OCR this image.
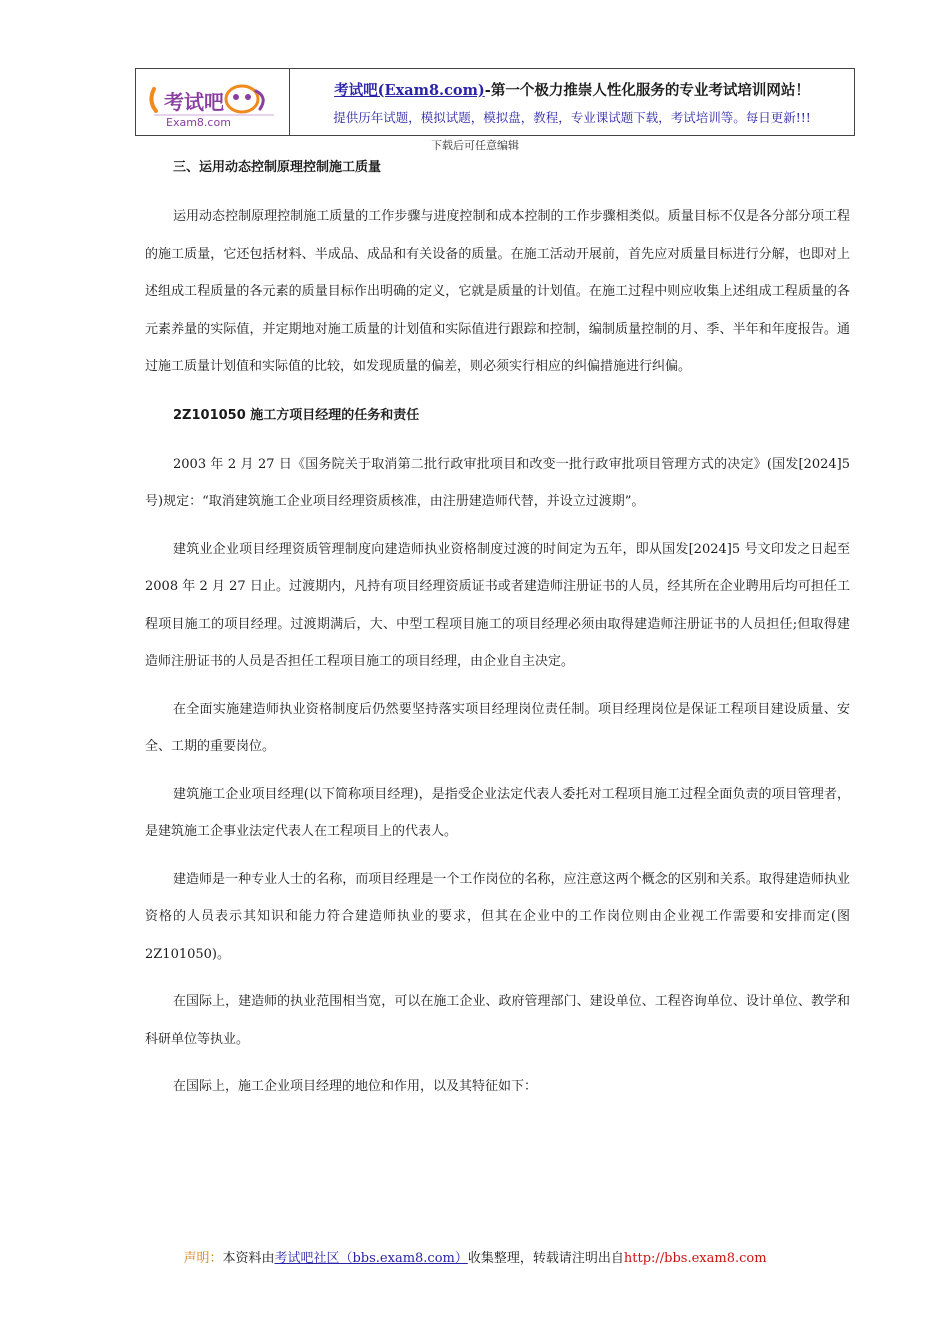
考试吧
Exam8.com
考试吧(Exam8.com)-第一个极力推崇人性化服务的专业考试培训网站！
提供历年试题，模拟试题，模拟盘，教程，专业课试题下载，考试培训等。每日更新!!!
下载后可任意编辑

三、运用动态控制原理控制施工质量

运用动态控制原理控制施工质量的工作步骤与进度控制和成本控制的工作步骤相类似。质量目标不仅是各分部分项工程的施工质量，它还包括材料、半成品、成品和有关设备的质量。在施工活动开展前，首先应对质量目标进行分解，也即对上述组成工程质量的各元素的质量目标作出明确的定义，它就是质量的计划值。在施工过程中则应收集上述组成工程质量的各元素养量的实际值，并定期地对施工质量的计划值和实际值进行跟踪和控制，编制质量控制的月、季、半年和年度报告。通过施工质量计划值和实际值的比较，如发现质量的偏差，则必须实行相应的纠偏措施进行纠偏。

2Z101050 施工方项目经理的任务和责任

2003 年 2 月 27 日《国务院关于取消第二批行政审批项目和改变一批行政审批项目管理方式的决定》(国发[2024]5 号)规定：“取消建筑施工企业项目经理资质核准，由注册建造师代替，并设立过渡期”。

建筑业企业项目经理资质管理制度向建造师执业资格制度过渡的时间定为五年，即从国发[2024]5 号文印发之日起至 2008 年 2 月 27 日止。过渡期内，凡持有项目经理资质证书或者建造师注册证书的人员，经其所在企业聘用后均可担任工程项目施工的项目经理。过渡期满后，大、中型工程项目施工的项目经理必须由取得建造师注册证书的人员担任;但取得建造师注册证书的人员是否担任工程项目施工的项目经理，由企业自主决定。

在全面实施建造师执业资格制度后仍然要坚持落实项目经理岗位责任制。项目经理岗位是保证工程项目建设质量、安全、工期的重要岗位。

建筑施工企业项目经理(以下简称项目经理)，是指受企业法定代表人委托对工程项目施工过程全面负责的项目管理者，是建筑施工企事业法定代表人在工程项目上的代表人。

建造师是一种专业人士的名称，而项目经理是一个工作岗位的名称，应注意这两个概念的区别和关系。取得建造师执业资格的人员表示其知识和能力符合建造师执业的要求，但其在企业中的工作岗位则由企业视工作需要和安排而定(图 2Z101050)。

在国际上，建造师的执业范围相当宽，可以在施工企业、政府管理部门、建设单位、工程咨询单位、设计单位、教学和科研单位等执业。

在国际上，施工企业项目经理的地位和作用，以及其特征如下：

声明：本资料由考试吧社区（bbs.exam8.com）收集整理，转载请注明出自http://bbs.exam8.com
